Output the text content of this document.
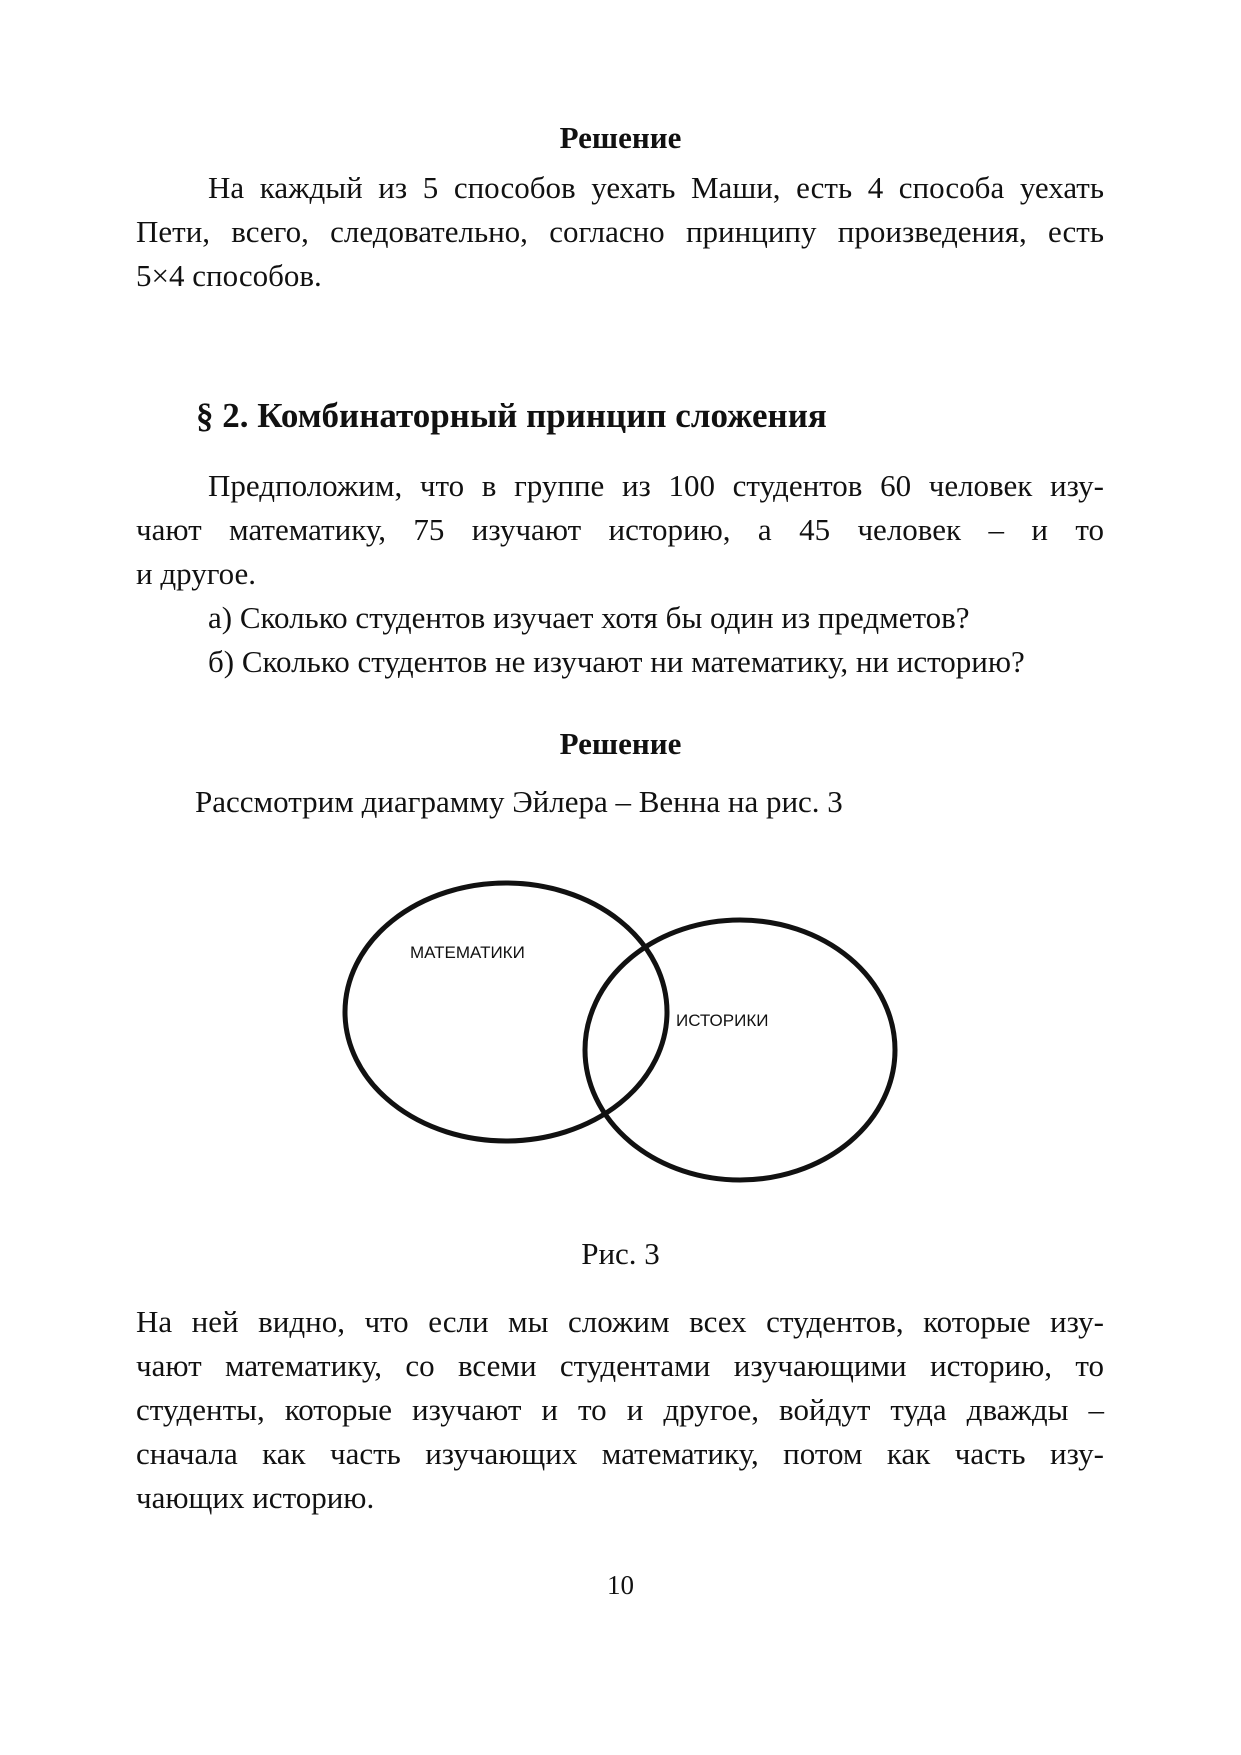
Решение
На каждый из 5 способов уехать Маши, есть 4 способа уехать
Пети, всего, следовательно, согласно принципу произведения, есть
5×4 способов.
§ 2. Комбинаторный принцип сложения
Предположим, что в группе из 100 студентов 60 человек изу-
чают математику, 75 изучают историю, а 45 человек – и то
и другое.
а) Сколько студентов изучает хотя бы один из предметов?
б) Сколько студентов не изучают ни математику, ни историю?
Решение
Рассмотрим диаграмму Эйлера – Венна на рис. 3
МАТЕМАТИКИ
ИСТОРИКИ
Рис. 3
На ней видно, что если мы сложим всех студентов, которые изу-
чают математику, со всеми студентами изучающими историю, то
студенты, которые изучают и то и другое, войдут туда дважды –
сначала как часть изучающих математику, потом как часть изу-
чающих историю.
10
